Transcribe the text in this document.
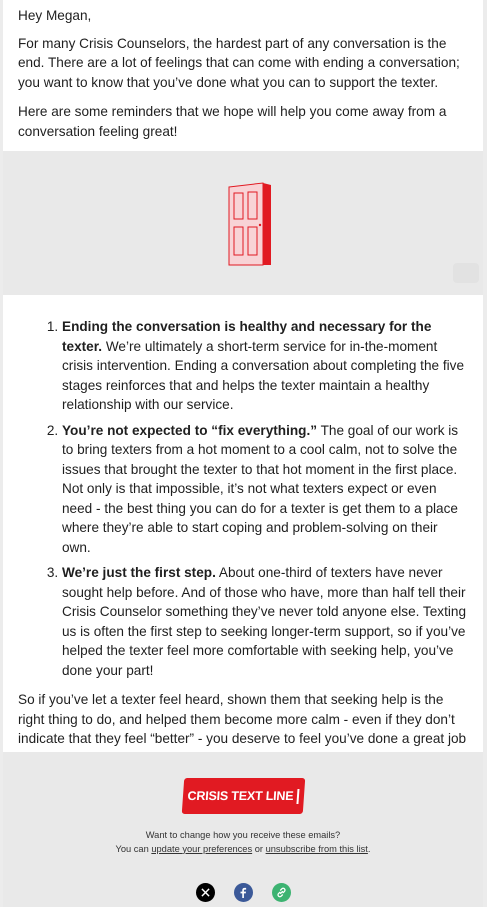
Hey Megan,

For many Crisis Counselors, the hardest part of any conversation is the end. There are a lot of feelings that can come with ending a conversation; you want to know that you’ve done what you can to support the texter.

Here are some reminders that we hope will help you come away from a conversation feeling great!

1. Ending the conversation is healthy and necessary for the texter. We’re ultimately a short-term service for in-the-moment crisis intervention. Ending a conversation about completing the five stages reinforces that and helps the texter maintain a healthy relationship with our service.
2. You’re not expected to “fix everything.” The goal of our work is to bring texters from a hot moment to a cool calm, not to solve the issues that brought the texter to that hot moment in the first place. Not only is that impossible, it’s not what texters expect or even need - the best thing you can do for a texter is get them to a place where they’re able to start coping and problem-solving on their own.
3. We’re just the first step. About one-third of texters have never sought help before. And of those who have, more than half tell their Crisis Counselor something they’ve never told anyone else. Texting us is often the first step to seeking longer-term support, so if you’ve helped the texter feel more comfortable with seeking help, you’ve done your part!
So if you’ve let a texter feel heard, shown them that seeking help is the right thing to do, and helped them become more calm - even if they don’t indicate that they feel “better” - you deserve to feel you’ve done a great job
CRISIS TEXT LINE
Want to change how you receive these emails?
You can update your preferences or unsubscribe from this list.
